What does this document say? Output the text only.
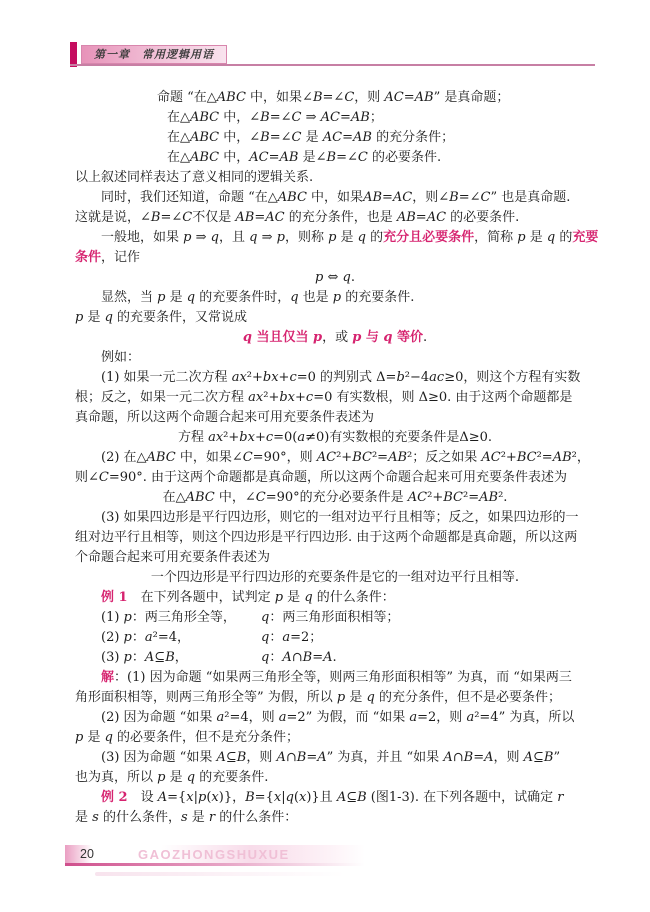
第一章　常用逻辑用语
命题 “在△ABC 中，如果∠B=∠C，则 AC=AB” 是真命题；
在△ABC 中，∠B=∠C ⇒ AC=AB；
在△ABC 中，∠B=∠C 是 AC=AB 的充分条件；
在△ABC 中，AC=AB 是∠B=∠C 的必要条件.
以上叙述同样表达了意义相同的逻辑关系.
同时，我们还知道，命题 “在△ABC 中，如果AB=AC，则∠B=∠C” 也是真命题.
这就是说，∠B=∠C不仅是 AB=AC 的充分条件，也是 AB=AC 的必要条件.
一般地，如果 p ⇒ q，且 q ⇒ p，则称 p 是 q 的充分且必要条件，简称 p 是 q 的充要
条件，记作
p ⇔ q.
显然，当 p 是 q 的充要条件时，q 也是 p 的充要条件.
p 是 q 的充要条件，又常说成
q 当且仅当 p，或 p 与 q 等价.
例如：
(1) 如果一元二次方程 ax²+bx+c=0 的判别式 Δ=b²−4ac≥0，则这个方程有实数
根；反之，如果一元二次方程 ax²+bx+c=0 有实数根，则 Δ≥0. 由于这两个命题都是
真命题，所以这两个命题合起来可用充要条件表述为
方程 ax²+bx+c=0(a≠0)有实数根的充要条件是Δ≥0.
(2) 在△ABC 中，如果∠C=90°，则 AC²+BC²=AB²；反之如果 AC²+BC²=AB²，
则∠C=90°. 由于这两个命题都是真命题，所以这两个命题合起来可用充要条件表述为
在△ABC 中，∠C=90°的充分必要条件是 AC²+BC²=AB².
(3) 如果四边形是平行四边形，则它的一组对边平行且相等；反之，如果四边形的一
组对边平行且相等，则这个四边形是平行四边形. 由于这两个命题都是真命题，所以这两
个命题合起来可用充要条件表述为
一个四边形是平行四边形的充要条件是它的一组对边平行且相等.
例 1　在下列各题中，试判定 p 是 q 的什么条件：
(1) p：两三角形全等， q：两三角形面积相等；
(2) p：a²=4，	q：a=2；
(3) p：A⊆B，	q：A∩B=A.
解：(1) 因为命题 “如果两三角形全等，则两三角形面积相等” 为真，而 “如果两三
角形面积相等，则两三角形全等” 为假，所以 p 是 q 的充分条件，但不是必要条件；
(2) 因为命题 “如果 a²=4，则 a=2” 为假，而 “如果 a=2，则 a²=4” 为真，所以
p 是 q 的必要条件，但不是充分条件；
(3) 因为命题 “如果 A⊆B，则 A∩B=A” 为真，并且 “如果 A∩B=A，则 A⊆B”
也为真，所以 p 是 q 的充要条件.
例 2　设 A={x|p(x)}，B={x|q(x)}且 A⊆B (图1-3). 在下列各题中，试确定 r
是 s 的什么条件，s 是 r 的什么条件：
20	GAOZHONGSHUXUE
